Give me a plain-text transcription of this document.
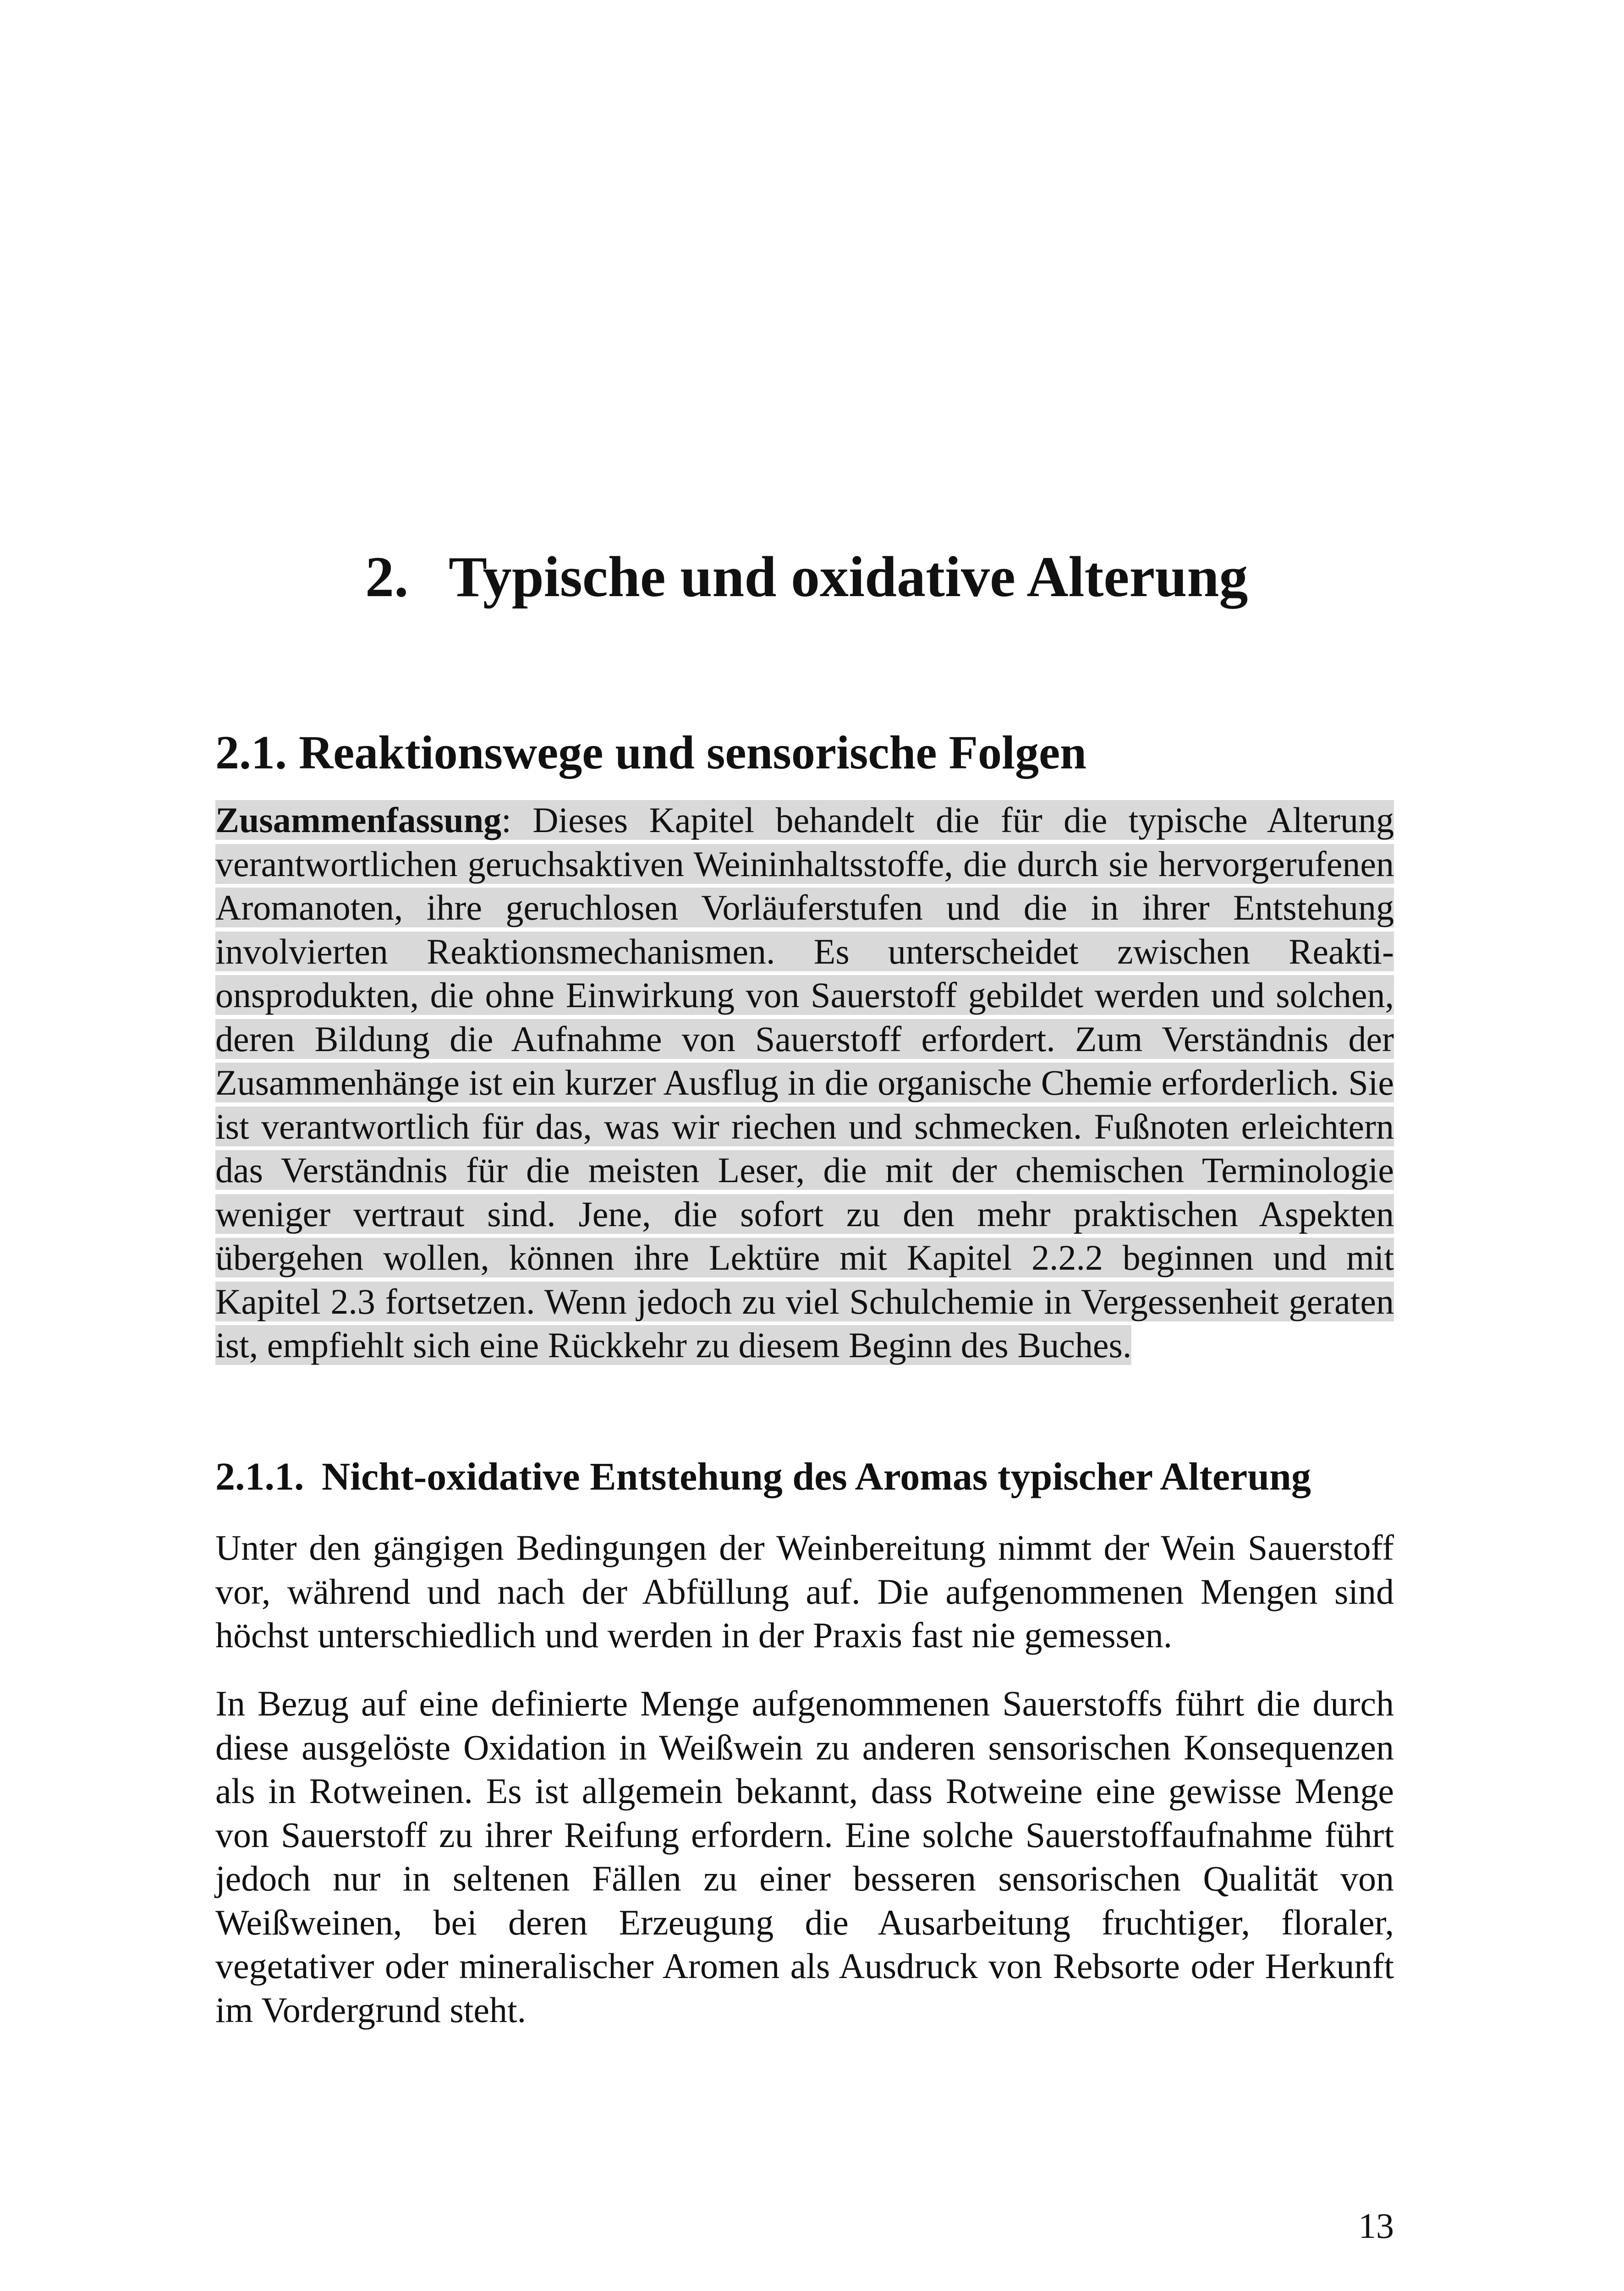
2. Typische und oxidative Alterung
2.1. Reaktionswege und sensorische Folgen

Zusammenfassung: Dieses Kapitel behandelt die für die typische Alterung verantwortlichen geruchsaktiven Weininhaltsstoffe, die durch sie hervorgerufenen Aromanoten, ihre geruchlosen Vorläuferstufen und die in ihrer Entstehung involvierten Reaktionsmechanismen. Es unterscheidet zwischen Reaktionsprodukten, die ohne Einwirkung von Sauerstoff gebildet werden und solchen, deren Bildung die Aufnahme von Sauerstoff erfordert. Zum Verständnis der Zusammenhänge ist ein kurzer Ausflug in die organische Chemie erforderlich. Sie ist verantwortlich für das, was wir riechen und schmecken. Fußnoten erleichtern das Verständnis für die meisten Leser, die mit der chemischen Terminologie weniger vertraut sind. Jene, die sofort zu den mehr praktischen Aspekten übergehen wollen, können ihre Lektüre mit Kapitel 2.2.2 beginnen und mit Kapitel 2.3 fortsetzen. Wenn jedoch zu viel Schulchemie in Vergessenheit geraten ist, empfiehlt sich eine Rückkehr zu diesem Beginn des Buches.

2.1.1. Nicht-oxidative Entstehung des Aromas typischer Alterung

Unter den gängigen Bedingungen der Weinbereitung nimmt der Wein Sauerstoff vor, während und nach der Abfüllung auf. Die aufgenommenen Mengen sind höchst unterschiedlich und werden in der Praxis fast nie gemessen.

In Bezug auf eine definierte Menge aufgenommenen Sauerstoffs führt die durch diese ausgelöste Oxidation in Weißwein zu anderen sensorischen Konsequenzen als in Rotweinen. Es ist allgemein bekannt, dass Rotweine eine gewisse Menge von Sauerstoff zu ihrer Reifung erfordern. Eine solche Sauerstoffaufnahme führt jedoch nur in seltenen Fällen zu einer besseren sensorischen Qualität von Weißweinen, bei deren Erzeugung die Ausarbeitung fruchtiger, floraler, vegetativer oder mineralischer Aromen als Ausdruck von Rebsorte oder Herkunft im Vordergrund steht.

13
